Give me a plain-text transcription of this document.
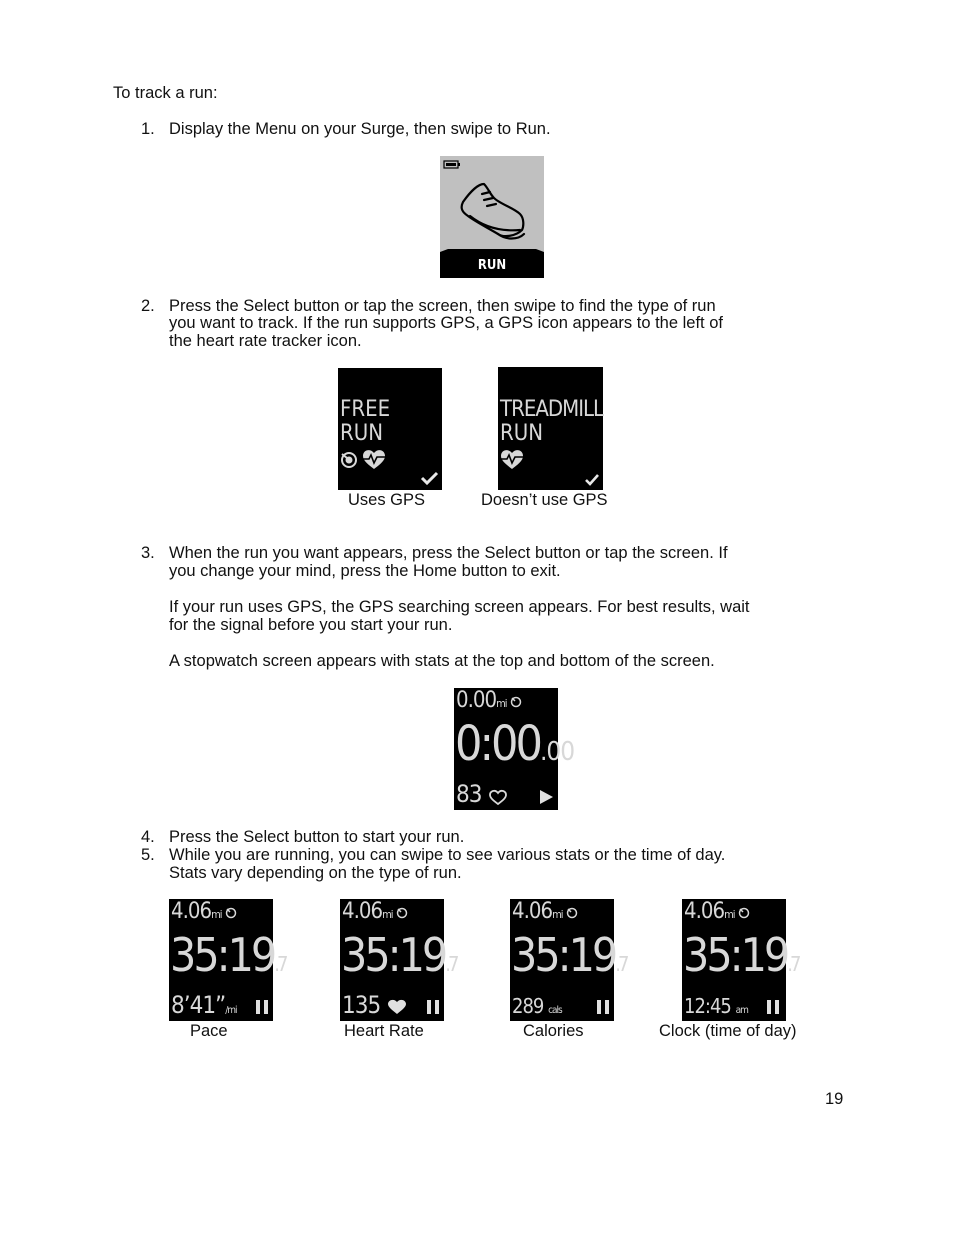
To track a run:
1. Display the Menu on your Surge, then swipe to Run.
RUN
2. Press the Select button or tap the screen, then swipe to find the type of run
you want to track. If the run supports GPS, a GPS icon appears to the left of
the heart rate tracker icon.
FREE
RUN
Uses GPS
TREADMILL
RUN
Doesn’t use GPS
3. When the run you want appears, press the Select button or tap the screen. If
you change your mind, press the Home button to exit.
If your run uses GPS, the GPS searching screen appears. For best results, wait
for the signal before you start your run.
A stopwatch screen appears with stats at the top and bottom of the screen.
0.00mi
0:00.00
83
4. Press the Select button to start your run.
5. While you are running, you can swipe to see various stats or the time of day.
Stats vary depending on the type of run.
4.06mi
35:19.7
8’41”/mi
Pace
4.06mi
35:19.7
135
Heart Rate
4.06mi
35:19.7
289 cals
Calories
4.06mi
35:19.7
12:45 am
Clock (time of day)
19
